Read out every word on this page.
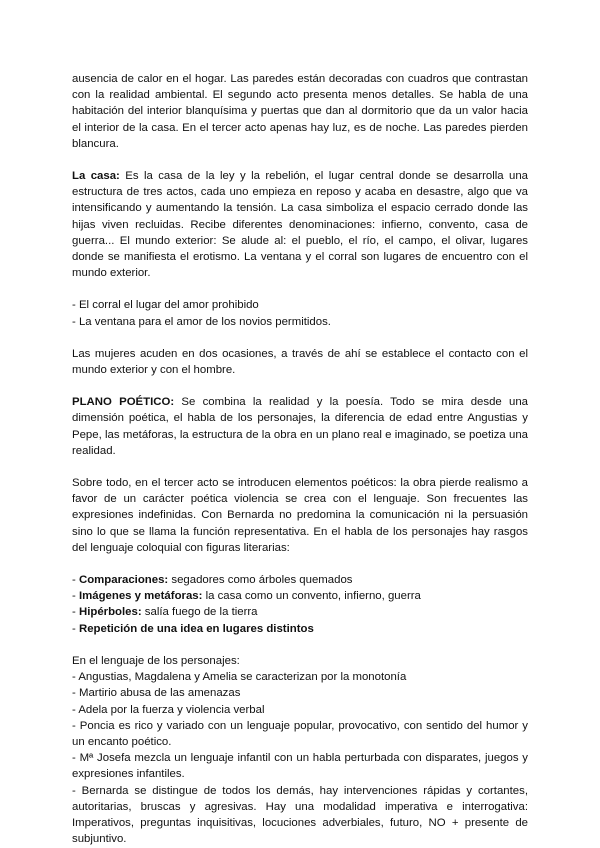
ausencia de calor en el hogar. Las paredes están decoradas con cuadros que contrastan con la realidad ambiental. El segundo acto presenta menos detalles. Se habla de una habitación del interior blanquísima y puertas que dan al dormitorio que da un valor hacia el interior de la casa. En el tercer acto apenas hay luz, es de noche. Las paredes pierden blancura.

La casa: Es la casa de la ley y la rebelión, el lugar central donde se desarrolla una estructura de tres actos, cada uno empieza en reposo y acaba en desastre, algo que va intensificando y aumentando la tensión. La casa simboliza el espacio cerrado donde las hijas viven recluidas. Recibe diferentes denominaciones: infierno, convento, casa de guerra... El mundo exterior: Se alude al: el pueblo, el río, el campo, el olivar, lugares donde se manifiesta el erotismo. La ventana y el corral son lugares de encuentro con el mundo exterior.

- El corral el lugar del amor prohibido
- La ventana para el amor de los novios permitidos.

Las mujeres acuden en dos ocasiones, a través de ahí se establece el contacto con el mundo exterior y con el hombre.

PLANO POÉTICO: Se combina la realidad y la poesía. Todo se mira desde una dimensión poética, el habla de los personajes, la diferencia de edad entre Angustias y Pepe, las metáforas, la estructura de la obra en un plano real e imaginado, se poetiza una realidad.

Sobre todo, en el tercer acto se introducen elementos poéticos: la obra pierde realismo a favor de un carácter poética violencia se crea con el lenguaje. Son frecuentes las expresiones indefinidas. Con Bernarda no predomina la comunicación ni la persuasión sino lo que se llama la función representativa. En el habla de los personajes hay rasgos del lenguaje coloquial con figuras literarias:

- Comparaciones: segadores como árboles quemados
- Imágenes y metáforas: la casa como un convento, infierno, guerra
- Hipérboles: salía fuego de la tierra
- Repetición de una idea en lugares distintos
En el lenguaje de los personajes:
- Angustias, Magdalena y Amelia se caracterizan por la monotonía
- Martirio abusa de las amenazas
- Adela por la fuerza y violencia verbal
- Poncia es rico y variado con un lenguaje popular, provocativo, con sentido del humor y un encanto poético.
- Mª Josefa mezcla un lenguaje infantil con un habla perturbada con disparates, juegos y expresiones infantiles.
- Bernarda se distingue de todos los demás, hay intervenciones rápidas y cortantes, autoritarias, bruscas y agresivas. Hay una modalidad imperativa e interrogativa: Imperativos, preguntas inquisitivas, locuciones adverbiales, futuro, NO + presente de subjuntivo.
